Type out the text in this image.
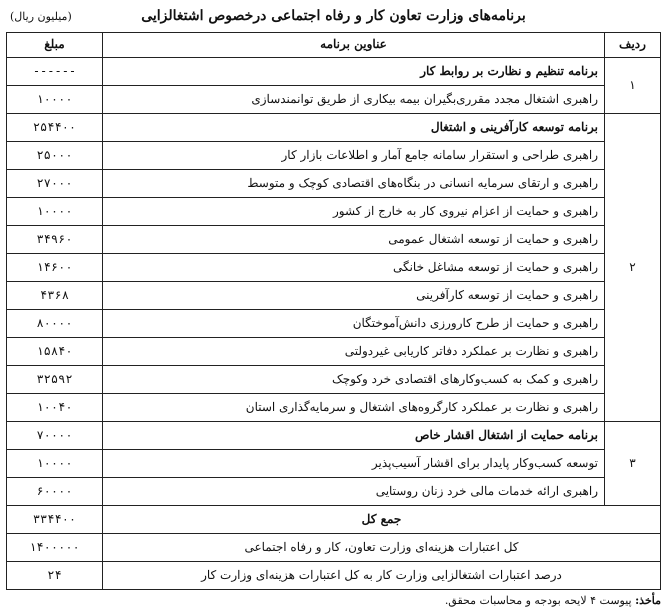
برنامه‌های وزارت تعاون کار و رفاه اجتماعی درخصوص اشتغالزایی
(میلیون ریال)
ردیف	عناوین برنامه	مبلغ
۱	برنامه تنظیم و نظارت بر روابط کار	------
	راهبری اشتغال مجدد مقرری‌بگیران بیمه بیکاری از طریق توانمندسازی	۱۰۰۰۰
۲	برنامه توسعه کارآفرینی و اشتغال	۲۵۴۴۰۰
	راهبری طراحی و استقرار سامانه جامع آمار و اطلاعات بازار کار	۲۵۰۰۰
	راهبری و ارتقای سرمایه انسانی در بنگاه‌های اقتصادی کوچک و متوسط	۲۷۰۰۰
	راهبری و حمایت از اعزام نیروی کار به خارج از کشور	۱۰۰۰۰
	راهبری و حمایت از توسعه اشتغال عمومی	۳۴۹۶۰
	راهبری و حمایت از توسعه مشاغل خانگی	۱۴۶۰۰
	راهبری و حمایت از توسعه کارآفرینی	۴۳۶۸
	راهبری و حمایت از طرح کارورزی دانش‌آموختگان	۸۰۰۰۰
	راهبری و نظارت بر عملکرد دفاتر کاریابی غیردولتی	۱۵۸۴۰
	راهبری و کمک به کسب‌وکارهای اقتصادی خرد وکوچک	۳۲۵۹۲
	راهبری و نظارت بر عملکرد کارگروه‌های اشتغال و سرمایه‌گذاری استان	۱۰۰۴۰
۳	برنامه حمایت از اشتغال اقشار خاص	۷۰۰۰۰
	توسعه کسب‌وکار پایدار برای اقشار آسیب‌پذیر	۱۰۰۰۰
	راهبری ارائه خدمات مالی خرد زنان روستایی	۶۰۰۰۰
جمع کل		۳۳۴۴۰۰
کل اعتبارات هزینه‌ای وزارت تعاون، کار و رفاه اجتماعی		۱۴۰۰۰۰۰
درصد اعتبارات اشتغالزایی وزارت کار به کل اعتبارات هزینه‌ای وزارت کار		۲۴
مأخذ: پیوست ۴ لایحه بودجه و محاسبات محقق.
